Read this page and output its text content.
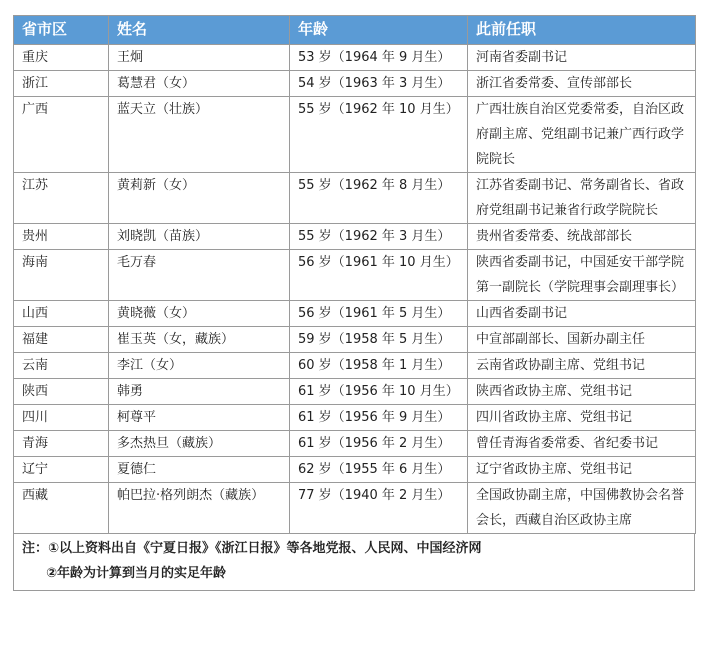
省市区	姓名	年龄	此前任职
重庆	王炯	53 岁（1964 年 9 月生）	河南省委副书记
浙江	葛慧君（女）	54 岁（1963 年 3 月生）	浙江省委常委、宣传部部长
广西	蓝天立（壮族）	55 岁（1962 年 10 月生）	广西壮族自治区党委常委，自治区政府副主席、党组副书记兼广西行政学院院长
江苏	黄莉新（女）	55 岁（1962 年 8 月生）	江苏省委副书记、常务副省长、省政府党组副书记兼省行政学院院长
贵州	刘晓凯（苗族）	55 岁（1962 年 3 月生）	贵州省委常委、统战部部长
海南	毛万春	56 岁（1961 年 10 月生）	陕西省委副书记，中国延安干部学院第一副院长（学院理事会副理事长）
山西	黄晓薇（女）	56 岁（1961 年 5 月生）	山西省委副书记
福建	崔玉英（女，藏族）	59 岁（1958 年 5 月生）	中宣部副部长、国新办副主任
云南	李江（女）	60 岁（1958 年 1 月生）	云南省政协副主席、党组书记
陕西	韩勇	61 岁（1956 年 10 月生）	陕西省政协主席、党组书记
四川	柯尊平	61 岁（1956 年 9 月生）	四川省政协主席、党组书记
青海	多杰热旦（藏族）	61 岁（1956 年 2 月生）	曾任青海省委常委、省纪委书记
辽宁	夏德仁	62 岁（1955 年 6 月生）	辽宁省政协主席、党组书记
西藏	帕巴拉·格列朗杰（藏族）	77 岁（1940 年 2 月生）	全国政协副主席，中国佛教协会名誉会长，西藏自治区政协主席
注：①以上资料出自《宁夏日报》《浙江日报》等各地党报、人民网、中国经济网
②年龄为计算到当月的实足年龄
